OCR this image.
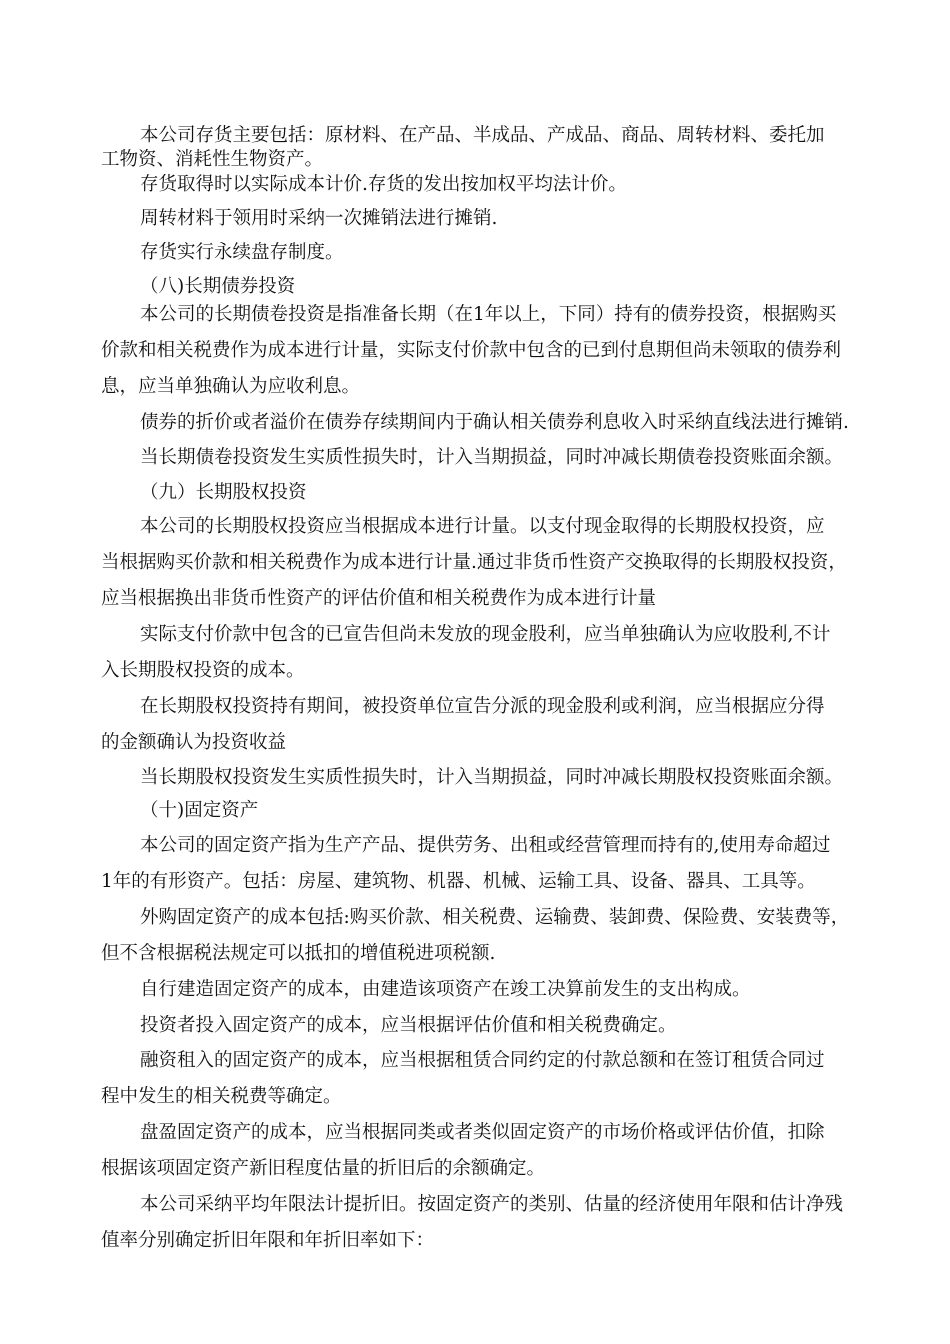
本公司存货主要包括：原材料、在产品、半成品、产成品、商品、周转材料、委托加

工物资、消耗性生物资产。

存货取得时以实际成本计价.存货的发出按加权平均法计价。

周转材料于领用时采纳一次摊销法进行摊销.

存货实行永续盘存制度。

（八)长期债券投资

本公司的长期债卷投资是指准备长期（在1年以上，下同）持有的债券投资，根据购买

价款和相关税费作为成本进行计量，实际支付价款中包含的已到付息期但尚未领取的债券利

息，应当单独确认为应收利息。

债券的折价或者溢价在债券存续期间内于确认相关债券利息收入时采纳直线法进行摊销.

当长期债卷投资发生实质性损失时，计入当期损益，同时冲减长期债卷投资账面余额。

（九）长期股权投资

本公司的长期股权投资应当根据成本进行计量。以支付现金取得的长期股权投资，应

当根据购买价款和相关税费作为成本进行计量.通过非货币性资产交换取得的长期股权投资，

应当根据换出非货币性资产的评估价值和相关税费作为成本进行计量

实际支付价款中包含的已宣告但尚未发放的现金股利，应当单独确认为应收股利,不计

入长期股权投资的成本。

在长期股权投资持有期间，被投资单位宣告分派的现金股利或利润，应当根据应分得

的金额确认为投资收益

当长期股权投资发生实质性损失时，计入当期损益，同时冲减长期股权投资账面余额。

（十)固定资产

本公司的固定资产指为生产产品、提供劳务、出租或经营管理而持有的,使用寿命超过

1年的有形资产。包括：房屋、建筑物、机器、机械、运输工具、设备、器具、工具等。

外购固定资产的成本包括:购买价款、相关税费、运输费、装卸费、保险费、安装费等，

但不含根据税法规定可以抵扣的增值税进项税额.

自行建造固定资产的成本，由建造该项资产在竣工决算前发生的支出构成。

投资者投入固定资产的成本，应当根据评估价值和相关税费确定。

融资租入的固定资产的成本，应当根据租赁合同约定的付款总额和在签订租赁合同过

程中发生的相关税费等确定。

盘盈固定资产的成本，应当根据同类或者类似固定资产的市场价格或评估价值，扣除

根据该项固定资产新旧程度估量的折旧后的余额确定。

本公司采纳平均年限法计提折旧。按固定资产的类别、估量的经济使用年限和估计净残

值率分别确定折旧年限和年折旧率如下：
